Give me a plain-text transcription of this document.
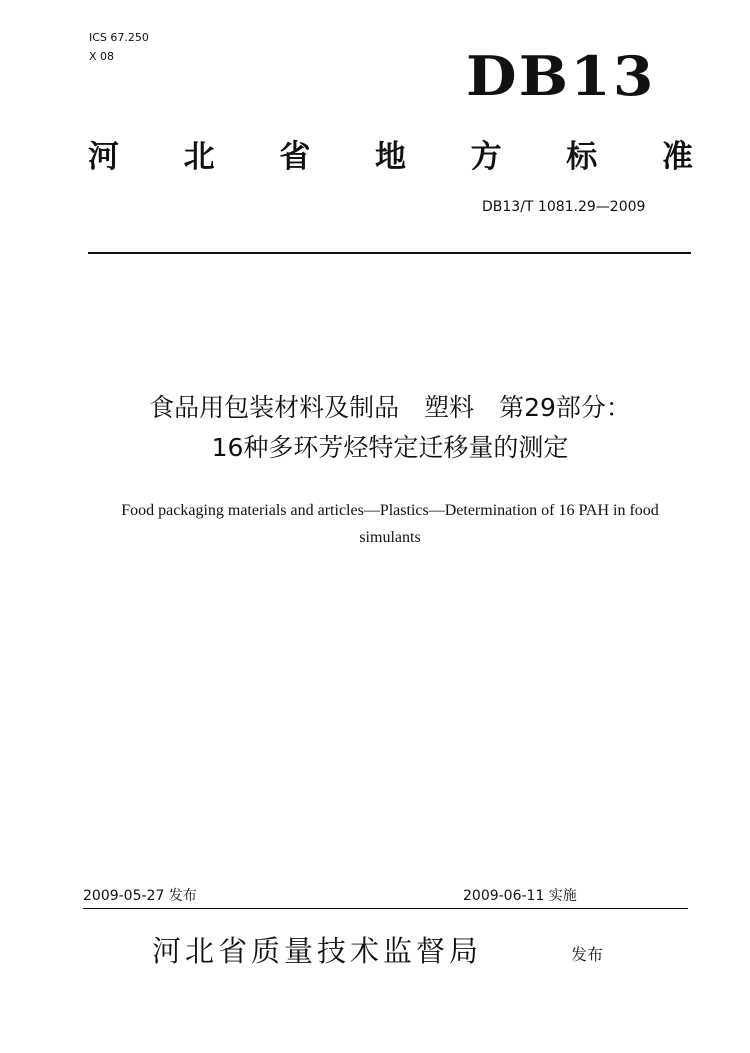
ICS 67.250
X 08	DB13
河 北 省 地 方 标 准
DB13/T 1081.29—2009
食品用包装材料及制品　塑料　第29部分：
16种多环芳烃特定迁移量的测定
Food packaging materials and articles—Plastics—Determination of 16 PAH in food
simulants
2009-05-27 发布	2009-06-11 实施
河北省质量技术监督局	发布
